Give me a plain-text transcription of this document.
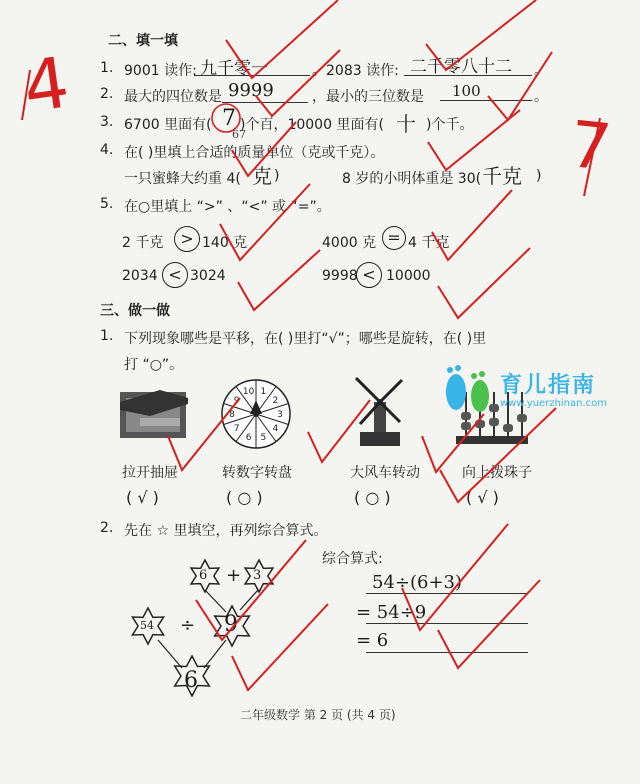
二、填一填
1. 9001 读作: 九千零一	。 2083 读作: 二千零八十二 。
2. 最大的四位数是 9999	，最小的三位数是 100	。
3. 6700 里面有( 7 )个百，10000 里面有( 十 )个千。
67
4. 在( )里填上合适的质量单位（克或千克）。
一只蜜蜂大约重 4( 克 )	8 岁的小明体重是 30( 千克 )
5. 在○里填上 “>” 、“<” 或 “=”。
2 千克	> 140 克	4000 克 = 4 千克
2034 < 3024	9998 < 10000
三、做一做
1. 下列现象哪些是平移，在( )里打“√”；哪些是旋转，在( )里
打 “○”。
1
2
3
4
5
6
7
8
9
10
拉开抽屉
( √ )
转数字转盘
( ○ )
大风车转动
( ○ )
向上拨珠子
( √ )
2. 先在 ☆ 里填空，再列综合算式。
6 + 3
54 ÷ 9
6
综合算式:
54÷(6+3)
= 54÷9
= 6
育儿指南
www.yuerzhinan.com
4
7
二年级数学 第 2 页 (共 4 页)
